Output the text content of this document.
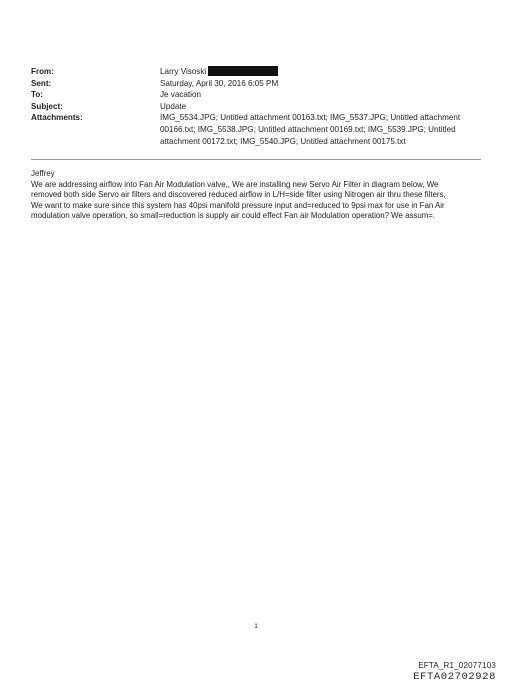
From:	Larry Visoski
Sent:	Saturday, April 30, 2016 6:05 PM
To:	Je vacation
Subject:	Update
Attachments:	IMG_5534.JPG; Untitled attachment 00163.txt; IMG_5537.JPG; Untitled attachment
00166.txt; IMG_5538.JPG; Untitled attachment 00169.txt; IMG_5539.JPG; Untitled
attachment 00172.txt; IMG_5540.JPG; Untitled attachment 00175.txt

Jeffrey

We are addressing airflow into Fan Air Modulation valve,, We are installing new Servo Air Filter in diagram below, We

removed both side Servo air filters and discovered reduced airflow in L/H=side filter using Nitrogen air thru these filters,

We want to make sure since this system has 40psi manifold pressure input and=reduced to 9psi max for use in Fan Air

modulation valve operation, so small=reduction is supply air could effect Fan air Modulation operation? We assum=.

1
EFTA_R1_02077103
EFTA02702928
